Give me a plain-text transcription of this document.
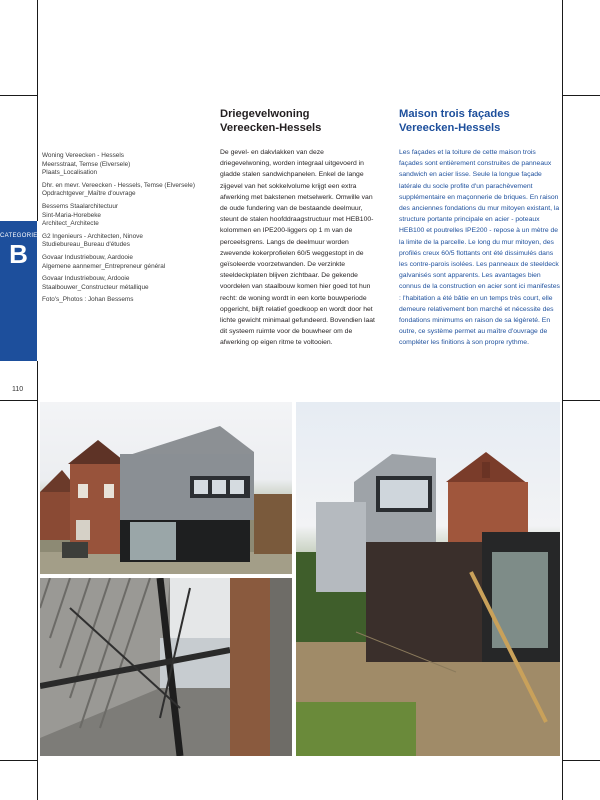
Woning Vereecken - Hessels
Meersstraat, Temse (Elversele)
Plaats_Localisation
Dhr. en mevr. Vereecken - Hessels, Temse (Elversele)
Opdrachtgever_Maître d'ouvrage
Bessems Staalarchitectuur
Sint-Maria-Horebeke
Architect_Architecte
G2 Ingenieurs - Architecten, Ninove
Studiebureau_Bureau d'études
Govaar Industriebouw, Aardooie
Algemene aannemer_Entrepreneur général
Govaar Industriebouw, Ardooie
Staalbouwer_Constructeur métallique
Foto's_Photos : Johan Bessems
CATEGORIE
B
110
Driegevelwoning
Vereecken-Hessels
De gevel- en dakvlakken van deze driegevelwoning, worden integraal uitgevoerd in gladde stalen sandwichpanelen. Enkel de lange zijgevel van het sokkelvolume krijgt een extra afwerking met bakstenen metselwerk. Omwille van de oude fundering van de bestaande deelmuur, steunt de stalen hoofddraagstructuur met HEB100-kolommen en IPE200-liggers op 1 m van de perceelsgrens. Langs de deelmuur worden zwevende kokerprofielen 60/5 weggestopt in de geïsoleerde voorzetwanden. De verzinkte steeldeckplaten blijven zichtbaar. De gekende voordelen van staalbouw komen hier goed tot hun recht: de woning wordt in een korte bouwperiode opgericht, blijft relatief goedkoop en wordt door het lichte gewicht minimaal gefundeerd. Bovendien laat dit systeem ruimte voor de bouwheer om de afwerking op eigen ritme te voltooien.
Maison trois façades
Vereecken-Hessels
Les façades et la toiture de cette maison trois façades sont entièrement construites de panneaux sandwich en acier lisse. Seule la longue façade latérale du socle profite d'un parachèvement supplémentaire en maçonnerie de briques. En raison des anciennes fondations du mur mitoyen existant, la structure portante principale en acier - poteaux HEB100 et poutrelles IPE200 - repose à un mètre de la limite de la parcelle. Le long du mur mitoyen, des profilés creux 60/5 flottants ont été dissimulés dans les contre-parois isolées. Les panneaux de steeldeck galvanisés sont apparents. Les avantages bien connus de la construction en acier sont ici manifestes : l'habitation a été bâtie en un temps très court, elle demeure relativement bon marché et nécessite des fondations minimums en raison de sa légèreté. En outre, ce système permet au maître d'ouvrage de compléter les finitions à son propre rythme.
